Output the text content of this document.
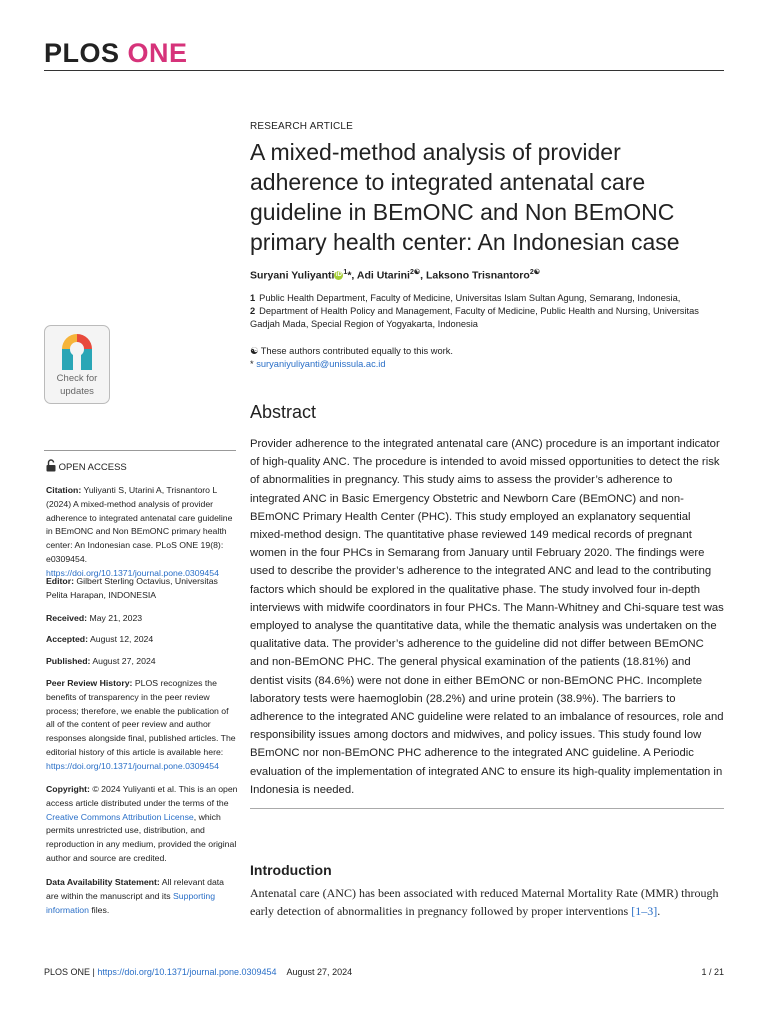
PLOS ONE
Check for
updates
OPEN ACCESS
Citation: Yuliyanti S, Utarini A, Trisnantoro L (2024) A mixed-method analysis of provider adherence to integrated antenatal care guideline in BEmONC and Non BEmONC primary health center: An Indonesian case. PLoS ONE 19(8): e0309454. https://doi.org/10.1371/journal.pone.0309454
Editor: Gilbert Sterling Octavius, Universitas Pelita Harapan, INDONESIA
Received: May 21, 2023
Accepted: August 12, 2024
Published: August 27, 2024
Peer Review History: PLOS recognizes the benefits of transparency in the peer review process; therefore, we enable the publication of all of the content of peer review and author responses alongside final, published articles. The editorial history of this article is available here: https://doi.org/10.1371/journal.pone.0309454
Copyright: © 2024 Yuliyanti et al. This is an open access article distributed under the terms of the Creative Commons Attribution License, which permits unrestricted use, distribution, and reproduction in any medium, provided the original author and source are credited.
Data Availability Statement: All relevant data are within the manuscript and its Supporting information files.
RESEARCH ARTICLE
A mixed-method analysis of provider adherence to integrated antenatal care guideline in BEmONC and Non BEmONC primary health center: An Indonesian case
Suryani Yuliyanti iD $^1$*, Adi Utarini$^{2☯}$, Laksono Trisnantoro$^{2☯}$
1 Public Health Department, Faculty of Medicine, Universitas Islam Sultan Agung, Semarang, Indonesia,
2 Department of Health Policy and Management, Faculty of Medicine, Public Health and Nursing, Universitas Gadjah Mada, Special Region of Yogyakarta, Indonesia
☯ These authors contributed equally to this work.
* suryaniyuliyanti@unissula.ac.id
Abstract
Provider adherence to the integrated antenatal care (ANC) procedure is an important indicator of high-quality ANC. The procedure is intended to avoid missed opportunities to detect the risk of abnormalities in pregnancy. This study aims to assess the provider’s adherence to integrated ANC in Basic Emergency Obstetric and Newborn Care (BEmONC) and non-BEmONC Primary Health Center (PHC). This study employed an explanatory sequential mixed-method design. The quantitative phase reviewed 149 medical records of pregnant women in the four PHCs in Semarang from January until February 2020. The findings were used to describe the provider’s adherence to the integrated ANC and lead to the contributing factors which should be explored in the qualitative phase. The study involved four in-depth interviews with midwife coordinators in four PHCs. The Mann-Whitney and Chi-square test was employed to analyse the quantitative data, while the thematic analysis was undertaken on the qualitative data. The provider’s adherence to the guideline did not differ between BEmONC and non-BEmONC PHC. The general physical examination of the patients (18.81%) and dentist visits (84.6%) were not done in either BEmONC or non-BEmONC PHC. Incomplete laboratory tests were haemoglobin (28.2%) and urine protein (38.9%). The barriers to adherence to the integrated ANC guideline were related to an imbalance of resources, role and responsibility issues among doctors and midwives, and policy issues. This study found low BEmONC nor non-BEmONC PHC adherence to the integrated ANC guideline. A Periodic evaluation of the implementation of integrated ANC to ensure its high-quality implementation in Indonesia is needed.
Introduction
Antenatal care (ANC) has been associated with reduced Maternal Mortality Rate (MMR) through early detection of abnormalities in pregnancy followed by proper interventions [1–3].
PLOS ONE | https://doi.org/10.1371/journal.pone.0309454 August 27, 2024	1 / 21
